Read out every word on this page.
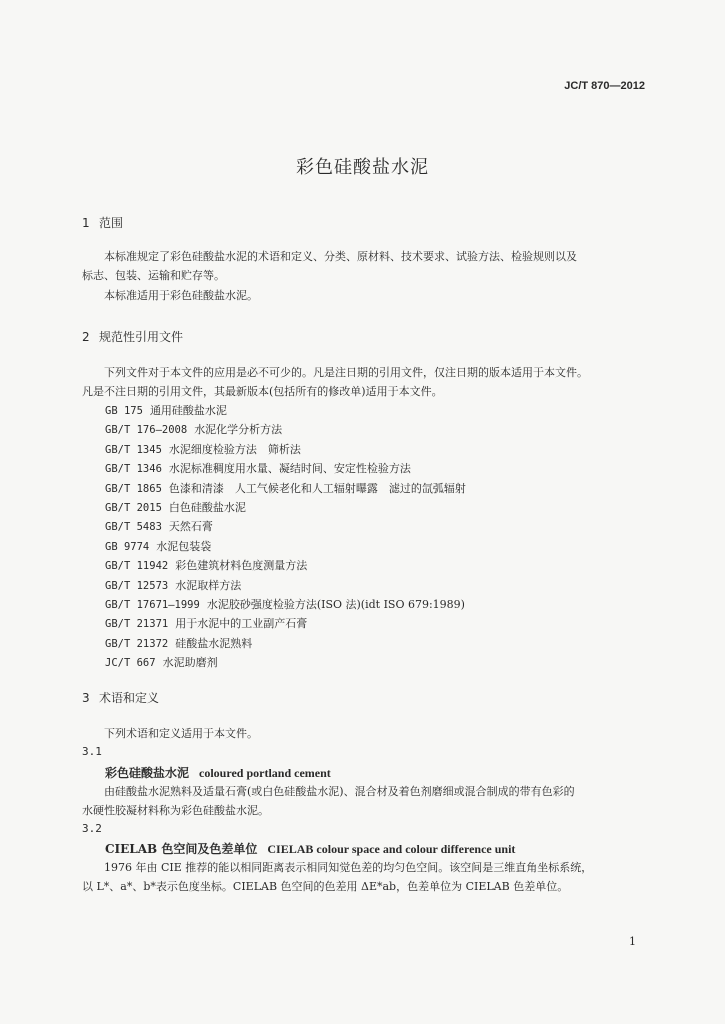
JC/T 870—2012
彩色硅酸盐水泥
1 范围
本标准规定了彩色硅酸盐水泥的术语和定义、分类、原材料、技术要求、试验方法、检验规则以及
标志、包装、运输和贮存等。
本标准适用于彩色硅酸盐水泥。
2 规范性引用文件
下列文件对于本文件的应用是必不可少的。凡是注日期的引用文件，仅注日期的版本适用于本文件。
凡是不注日期的引用文件，其最新版本(包括所有的修改单)适用于本文件。
GB 175 通用硅酸盐水泥
GB/T 176—2008 水泥化学分析方法
GB/T 1345 水泥细度检验方法　筛析法
GB/T 1346 水泥标准稠度用水量、凝结时间、安定性检验方法
GB/T 1865 色漆和清漆　人工气候老化和人工辐射曝露　滤过的氙弧辐射
GB/T 2015 白色硅酸盐水泥
GB/T 5483 天然石膏
GB 9774 水泥包装袋
GB/T 11942 彩色建筑材料色度测量方法
GB/T 12573 水泥取样方法
GB/T 17671—1999 水泥胶砂强度检验方法(ISO 法)(idt ISO 679:1989)
GB/T 21371 用于水泥中的工业副产石膏
GB/T 21372 硅酸盐水泥熟料
JC/T 667 水泥助磨剂
3 术语和定义
下列术语和定义适用于本文件。
3.1
彩色硅酸盐水泥 coloured portland cement
由硅酸盐水泥熟料及适量石膏(或白色硅酸盐水泥)、混合材及着色剂磨细或混合制成的带有色彩的
水硬性胶凝材料称为彩色硅酸盐水泥。
3.2
CIELAB 色空间及色差单位 CIELAB colour space and colour difference unit
1976 年由 CIE 推荐的能以相同距离表示相同知觉色差的均匀色空间。该空间是三维直角坐标系统，
以 L*、a*、b*表示色度坐标。CIELAB 色空间的色差用 ΔE*ab，色差单位为 CIELAB 色差单位。
1
